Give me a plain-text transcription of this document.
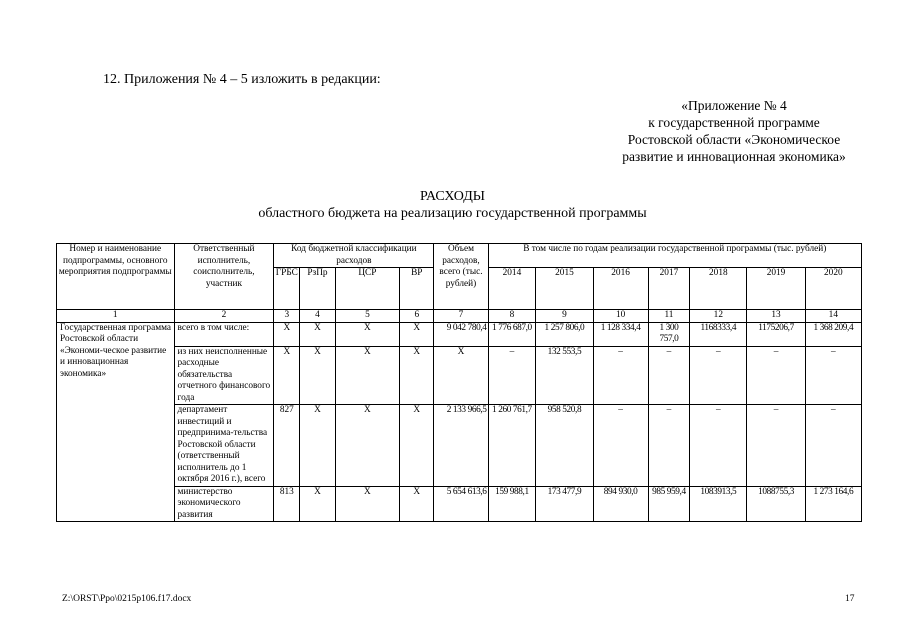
12. Приложения № 4 – 5 изложить в редакции:
«Приложение № 4
к государственной программе
Ростовской области «Экономическое
развитие и инновационная экономика»
РАСХОДЫ
областного бюджета на реализацию государственной программы
Номер и наименование подпрограммы, основного мероприятия подпрограммы	Ответственный исполнитель, соисполнитель, участник	Код бюджетной классификации расходов				Объем расходов, всего (тыс. рублей)	В том числе по годам реализации государственной программы (тыс. рублей)						
		ГРБС	РзПр	ЦСР	ВР		2014	2015	2016	2017	2018	2019	2020
1	2	3	4	5	6	7	8	9	10	11	12	13	14
Государственная программа Ростовской области «Экономи-ческое развитие и инновационная экономика»	всего в том числе:	Х	Х	Х	Х	9 042 780,4	1 776 687,0	1 257 806,0	1 128 334,4	1 300 757,0	1168333,4	1175206,7	1 368 209,4
	из них неисполненные расходные обязательства отчетного финансового года	Х	Х	Х	Х	Х	–	132 553,5	–	–	–	–	–
	департамент инвестиций и предпринима-тельства Ростовской области (ответственный исполнитель до 1 октября 2016 г.), всего	827	Х	Х	Х	2 133 966,5	1 260 761,7	958 520,8	–	–	–	–	–
	министерство экономического развития	813	Х	Х	Х	5 654 613,6	159 988,1	173 477,9	894 930,0	985 959,4	1083913,5	1088755,3	1 273 164,6
Z:\ORST\Ppo\0215p106.f17.docx	17
